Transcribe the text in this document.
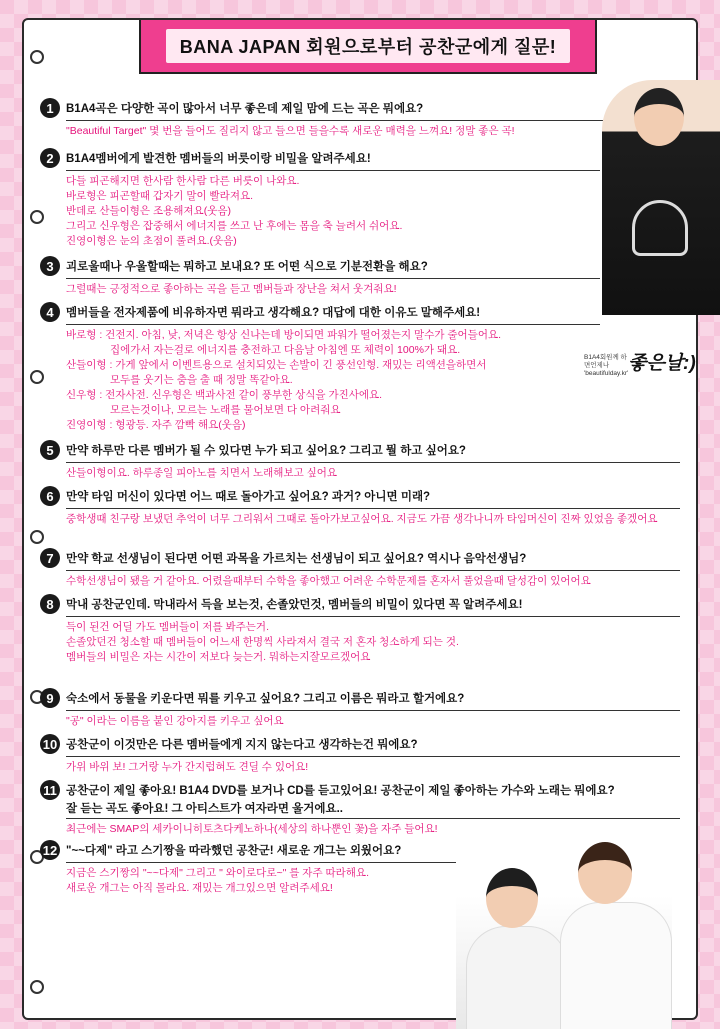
BANA JAPAN 회원으로부터 공찬군에게 질문!
1	B1A4곡은 다양한 곡이 많아서 너무 좋은데 제일 맘에 드는 곡은 뭐에요?
"Beautiful Target" 몇 번을 들어도 질리지 않고 들으면 들을수록 새로운 매력을 느껴요! 정말 좋은 곡!
2	B1A4멤버에게 발견한 멤버들의 버릇이랑 비밀을 알려주세요!
다들 피곤해지면 한사람 한사람 다른 버릇이 나와요.
바로형은 피곤할때 갑자기 말이 빨라져요.
반데로 산들이형은 조용해져요(웃음)
그리고 신우형은 잡중해서 에너지를 쓰고 난 후에는 몸을 축 늘려서 쉬어요.
진영이형은 눈의 초점이 풀려요.(웃음)
3	괴로울때나 우울할때는 뭐하고 보내요? 또 어떤 식으로 기분전환을 해요?
그럴때는 긍정적으로 좋아하는 곡을 듣고 멤버들과 장난을 쳐서 웃겨줘요!
4	멤버들을 전자제품에 비유하자면 뭐라고 생각해요? 대답에 대한 이유도 말해주세요!
바로형 : 건전지. 아침, 낮, 저녁은 항상 신나는데 방이되면 파워가 떨어졌는지 말수가 줄어들어요.
집에가서 자는걸로 에너지를 충전하고 다음날 아침엔 또 체력이 100%가 돼요.
산들이형 : 가게 앞에서 이벤트용으로 설치되있는 손발이 긴 풍선인형. 재밌는 리액션을하면서
모두를 웃기는 춤을 출 때 정말 똑같아요.
신우형 : 전자사전. 신우형은 백과사전 같이 풍부한 상식을 가진사에요.
모르는것이나, 모르는 노래를 물어보면 다 아려줘요
진영이형 : 형광등. 자주 깜빡 해요(웃음)
5	만약 하루만 다른 멤버가 될 수 있다면 누가 되고 싶어요? 그리고 뭘 하고 싶어요?
산들이형이요. 하루종일 피아노를 치면서 노래해보고 싶어요
6	만약 타임 머신이 있다면 어느 때로 돌아가고 싶어요? 과거? 아니면 미래?
중학생때 친구랑 보냈던 추억이 너무 그리워서 그때로 돌아가보고싶어요. 지금도 가끔 생각나니까 타임머신이 진짜 있었음 좋겠어요
7	만약 학교 선생님이 된다면 어떤 과목을 가르치는 선생님이 되고 싶어요? 역시나 음악선생님?
수학선생님이 됐을 거 같아요. 어렸을때부터 수학을 좋아했고 어려운 수학문제를 혼자서 풀었을때 달성감이 있어어요
8	막내 공찬군인데. 막내라서 득을 보는것, 손졸았던것, 멤버들의 비밀이 있다면 꼭 알려주세요!
득이 된건 어딜 가도 멤버들이 저를 봐주는거.
손졸았던건 청소할 때 멤버들이 어느새 한명씩 사라져서 결국 저 혼자 청소하게 되는 것.
멤버들의 비밀은 자는 시간이 저보다 늦는거. 뭐하는지잘모르겠어요
9	숙소에서 동물을 키운다면 뭐를 키우고 싶어요? 그리고 이름은 뭐라고 할거에요?
"공" 이라는 이름을 붙인 강아지를 키우고 싶어요
10 공찬군이 이것만은 다른 멤버들에게 지지 않는다고 생각하는건 뭐에요?
가위 바위 보! 그거랑 누가 간지럽혀도 견딜 수 있어요!
11 공찬군이 제일 좋아요! B1A4 DVD를 보거나 CD를 듣고있어요! 공찬군이 제일 좋아하는 가수와 노래는 뭐에요?
잘 듣는 곡도 좋아요! 그 아티스트가 여자라면 울거에요..
최근에는 SMAP의 세카이니히토츠다케노하나(세상의 하나뿐인 꽃)을 자주 들어요!
12 "~~다제" 라고 스기짱을 따라했던 공찬군! 새로운 개그는 외웠어요?
지금은 스기짱의 "~~다제" 그리고 " 와이로다로~" 를 자주 따라해요.
새로운 개그는 아직 몰라요. 재밌는 개그있으면 알려주세요!
B1A4회원께 하면언제나 'beautifulday.kr' 좋은날:)
